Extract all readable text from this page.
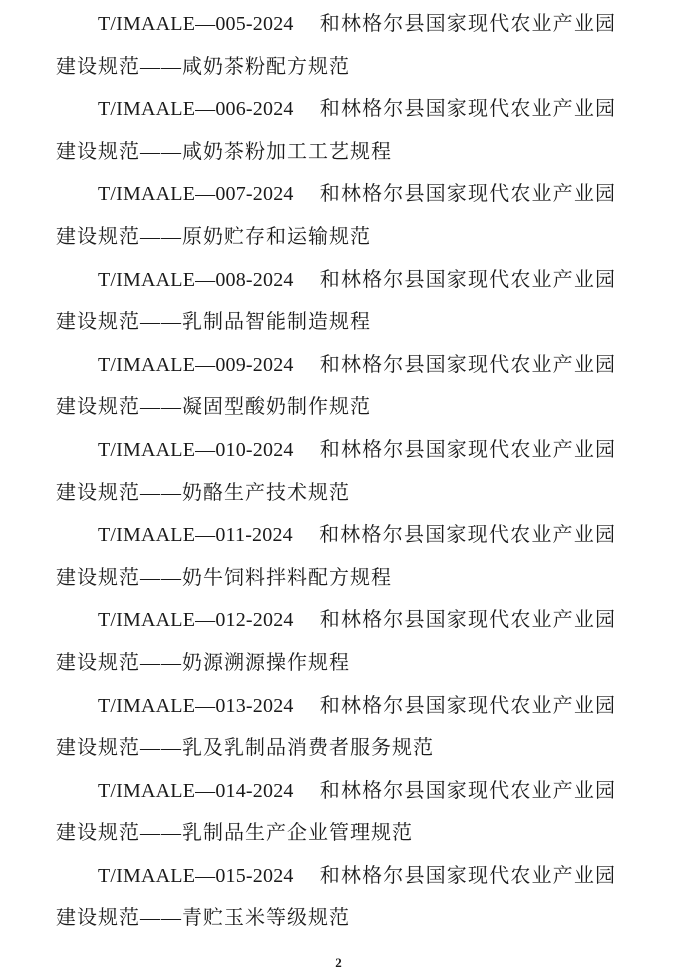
T/IMAALE—005-2024 和林格尔县国家现代农业产业园建设规范——咸奶茶粉配方规范

T/IMAALE—006-2024 和林格尔县国家现代农业产业园建设规范——咸奶茶粉加工工艺规程

T/IMAALE—007-2024 和林格尔县国家现代农业产业园建设规范——原奶贮存和运输规范

T/IMAALE—008-2024 和林格尔县国家现代农业产业园建设规范——乳制品智能制造规程

T/IMAALE—009-2024 和林格尔县国家现代农业产业园建设规范——凝固型酸奶制作规范

T/IMAALE—010-2024 和林格尔县国家现代农业产业园建设规范——奶酪生产技术规范

T/IMAALE—011-2024 和林格尔县国家现代农业产业园建设规范——奶牛饲料拌料配方规程

T/IMAALE—012-2024 和林格尔县国家现代农业产业园建设规范——奶源溯源操作规程

T/IMAALE—013-2024 和林格尔县国家现代农业产业园建设规范——乳及乳制品消费者服务规范

T/IMAALE—014-2024 和林格尔县国家现代农业产业园建设规范——乳制品生产企业管理规范

T/IMAALE—015-2024 和林格尔县国家现代农业产业园建设规范——青贮玉米等级规范

2
